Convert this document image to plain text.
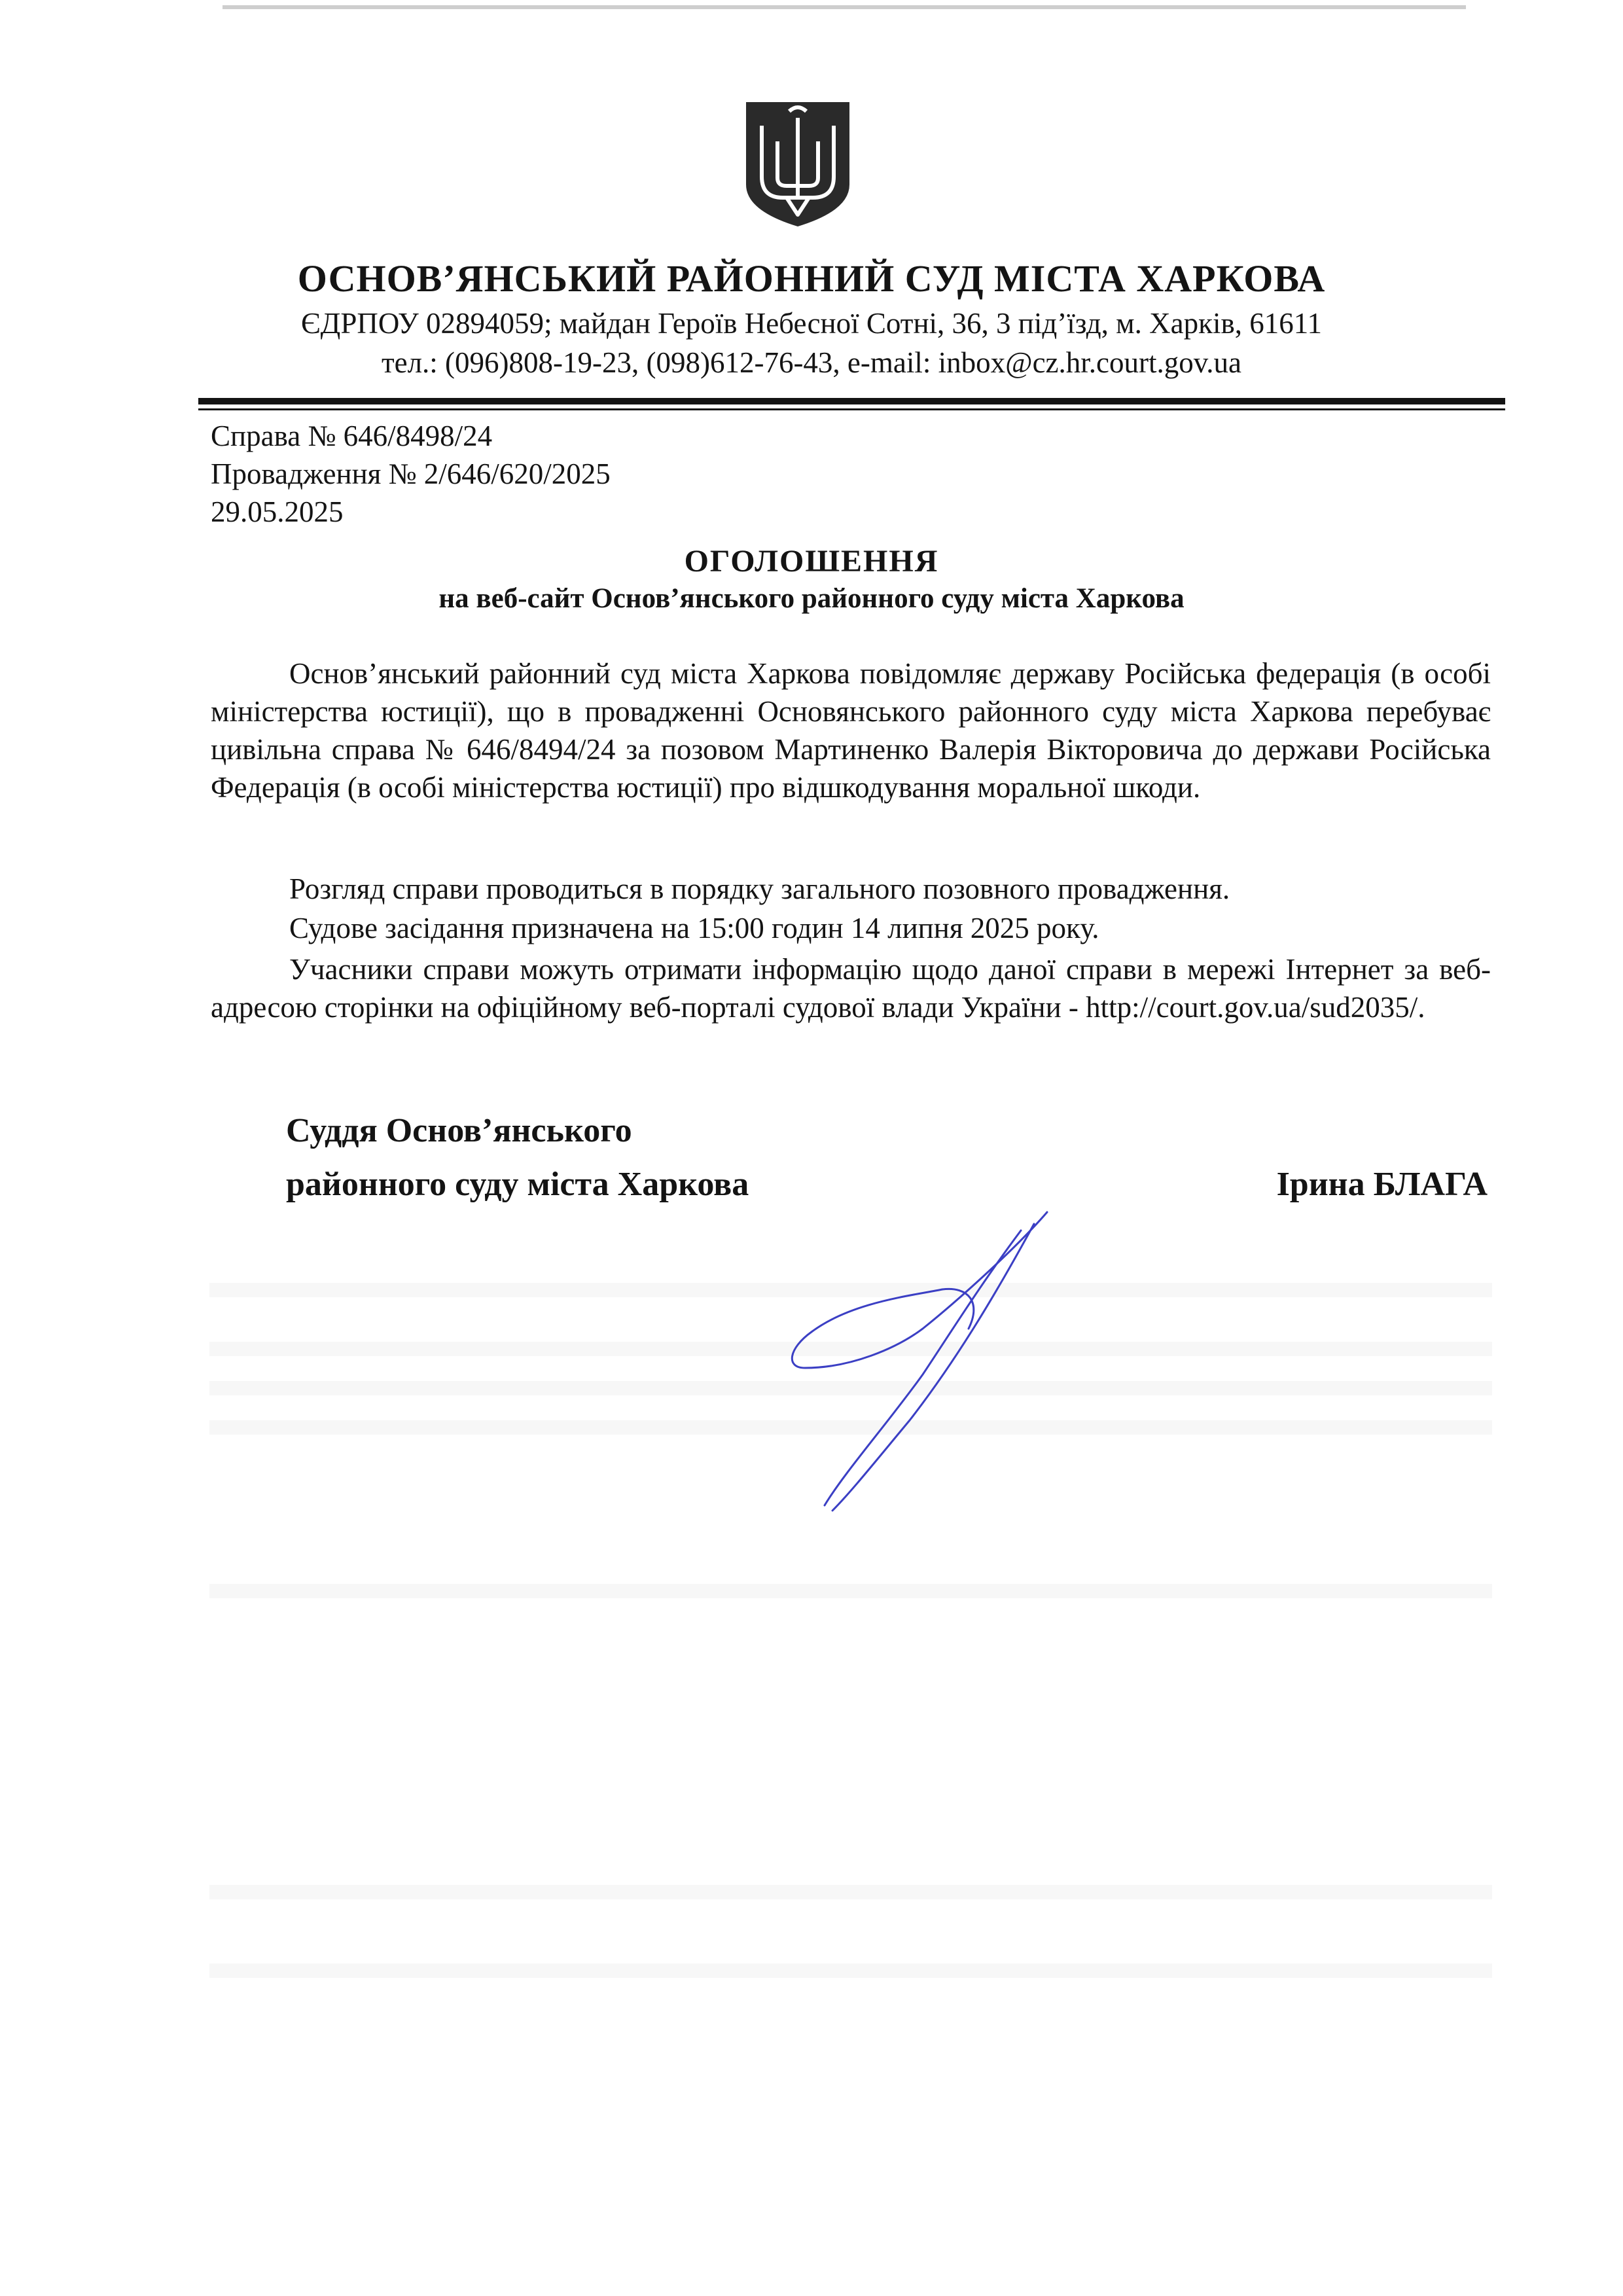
ОСНОВ’ЯНСЬКИЙ РАЙОННИЙ СУД МІСТА ХАРКОВА
ЄДРПОУ 02894059; майдан Героїв Небесної Сотні, 36, 3 під’їзд, м. Харків, 61611
тел.: (096)808-19-23, (098)612-76-43, e-mail: inbox@cz.hr.court.gov.ua
Справа № 646/8498/24
Провадження № 2/646/620/2025
29.05.2025
ОГОЛОШЕННЯ
на веб-сайт Основ’янського районного суду міста Харкова
Основ’янський районний суд міста Харкова повідомляє державу Російська федерація (в особі міністерства юстиції), що в провадженні Основянського районного суду міста Харкова перебуває цивільна справа № 646/8494/24 за позовом Мартиненко Валерія Вікторовича до держави Російська Федерація (в особі міністерства юстиції) про відшкодування моральної шкоди.
Розгляд справи проводиться в порядку загального позовного провадження.
Судове засідання призначена на 15:00 годин 14 липня 2025 року.
Учасники справи можуть отримати інформацію щодо даної справи в мережі Інтернет за веб-адресою сторінки на офіційному веб-порталі судової влади України - http://court.gov.ua/sud2035/.
Суддя Основ’янського
районного суду міста Харкова	Ірина БЛАГА
